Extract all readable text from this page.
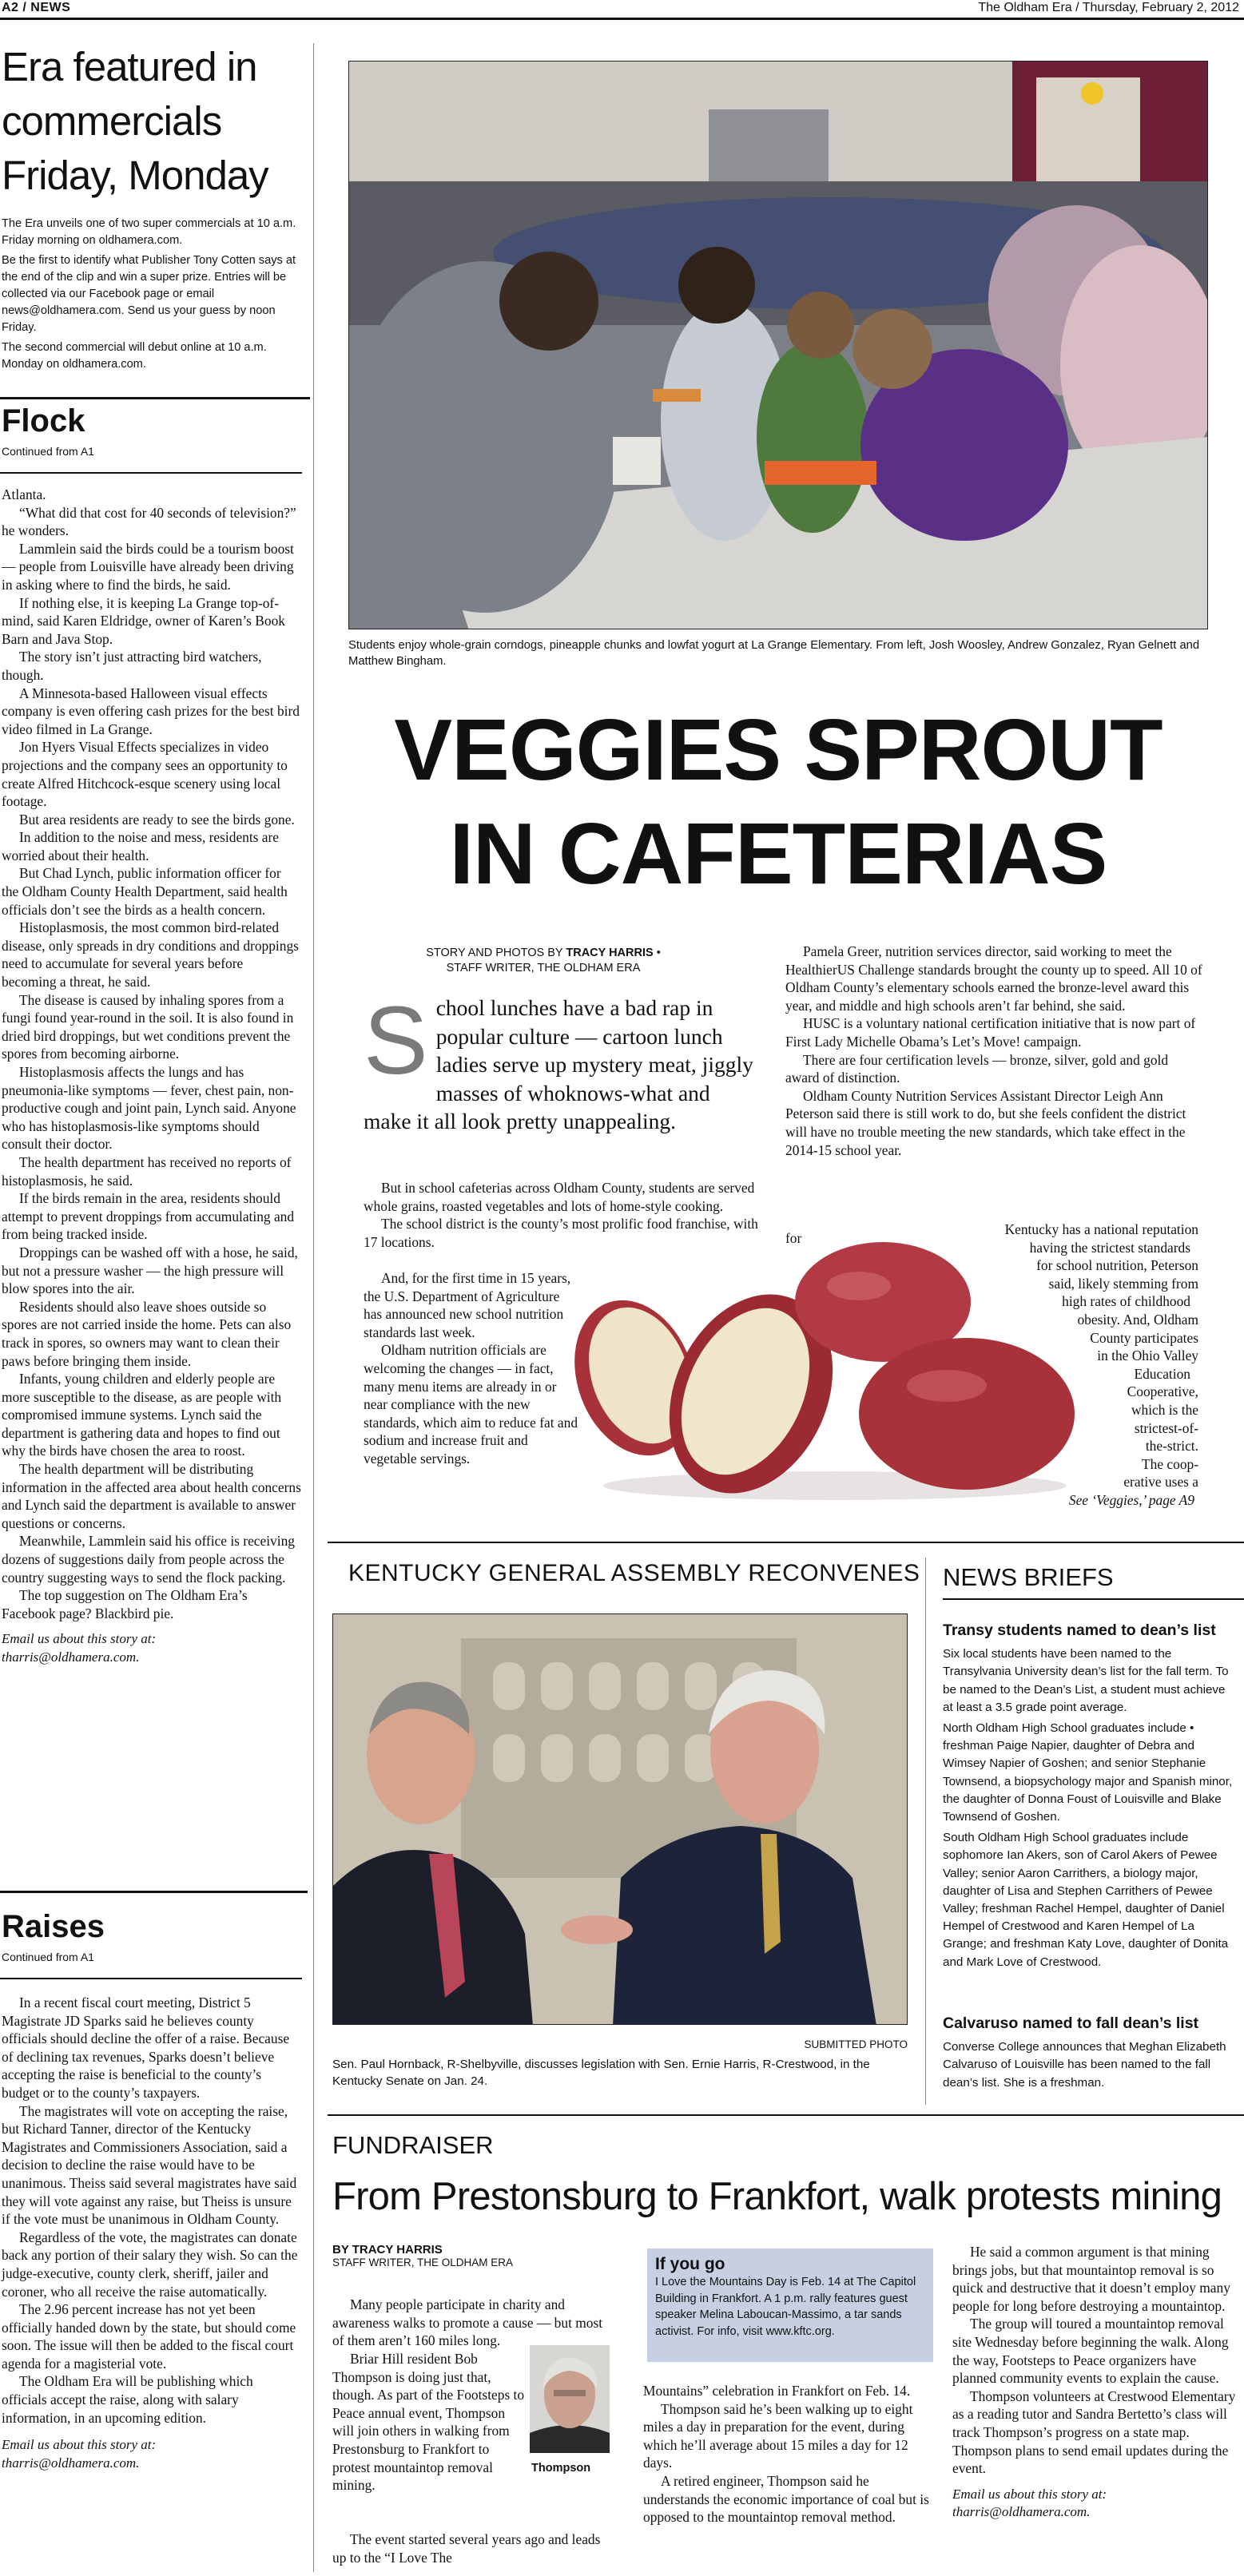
A2 / NEWS	The Oldham Era / Thursday, February 2, 2012
Era featured in commercials Friday, Monday

The Era unveils one of two super commercials at 10 a.m. Friday morning on oldhamera.com.

Be the first to identify what Publisher Tony Cotten says at the end of the clip and win a super prize. Entries will be collected via our Facebook page or email news@oldhamera.com. Send us your guess by noon Friday.

The second commercial will debut online at 10 a.m. Monday on oldhamera.com.

Flock
Continued from A1

Atlanta.

“What did that cost for 40 seconds of television?” he wonders.

Lammlein said the birds could be a tourism boost — people from Louisville have already been driving in asking where to find the birds, he said.

If nothing else, it is keeping La Grange top-of-mind, said Karen Eldridge, owner of Karen’s Book Barn and Java Stop.

The story isn’t just attracting bird watchers, though.

A Minnesota-based Halloween visual effects company is even offering cash prizes for the best bird video filmed in La Grange.

Jon Hyers Visual Effects specializes in video projections and the company sees an opportunity to create Alfred Hitchcock-esque scenery using local footage.

But area residents are ready to see the birds gone.

In addition to the noise and mess, residents are worried about their health.

But Chad Lynch, public information officer for the Oldham County Health Department, said health officials don’t see the birds as a health concern.

Histoplasmosis, the most common bird-related disease, only spreads in dry conditions and droppings need to accumulate for several years before becoming a threat, he said.

The disease is caused by inhaling spores from a fungi found year-round in the soil. It is also found in dried bird droppings, but wet conditions prevent the spores from becoming airborne.

Histoplasmosis affects the lungs and has pneumonia-like symptoms — fever, chest pain, non-productive cough and joint pain, Lynch said. Anyone who has histoplasmosis-like symptoms should consult their doctor.

The health department has received no reports of histoplasmosis, he said.

If the birds remain in the area, residents should attempt to prevent droppings from accumulating and from being tracked inside.

Droppings can be washed off with a hose, he said, but not a pressure washer — the high pressure will blow spores into the air.

Residents should also leave shoes outside so spores are not carried inside the home. Pets can also track in spores, so owners may want to clean their paws before bringing them inside.

Infants, young children and elderly people are more susceptible to the disease, as are people with compromised immune systems. Lynch said the department is gathering data and hopes to find out why the birds have chosen the area to roost.

The health department will be distributing information in the affected area about health concerns and Lynch said the department is available to answer questions or concerns.

Meanwhile, Lammlein said his office is receiving dozens of suggestions daily from people across the country suggesting ways to send the flock packing.

The top suggestion on The Oldham Era’s Facebook page? Blackbird pie.

Email us about this story at:

tharris@oldhamera.com.

Raises
Continued from A1

In a recent fiscal court meeting, District 5 Magistrate JD Sparks said he believes county officials should decline the offer of a raise. Because of declining tax revenues, Sparks doesn’t believe accepting the raise is beneficial to the county’s budget or to the county’s taxpayers.

The magistrates will vote on accepting the raise, but Richard Tanner, director of the Kentucky Magistrates and Commissioners Association, said a decision to decline the raise would have to be unanimous. Theiss said several magistrates have said they will vote against any raise, but Theiss is unsure if the vote must be unanimous in Oldham County.

Regardless of the vote, the magistrates can donate back any portion of their salary they wish. So can the judge-executive, county clerk, sheriff, jailer and coroner, who all receive the raise automatically.

The 2.96 percent increase has not yet been officially handed down by the state, but should come soon. The issue will then be added to the fiscal court agenda for a magisterial vote.

The Oldham Era will be publishing which officials accept the raise, along with salary information, in an upcoming edition.

Email us about this story at:

tharris@oldhamera.com.

Students enjoy whole-grain corndogs, pineapple chunks and lowfat yogurt at La Grange Elementary. From left, Josh Woosley, Andrew Gonzalez, Ryan Gelnett and Matthew Bingham.
VEGGIES SPROUT
IN CAFETERIAS
STORY AND PHOTOS BY TRACY HARRIS •
STAFF WRITER, THE OLDHAM ERA
S chool lunches have a bad rap in popular culture — cartoon lunch ladies serve up mystery meat, jiggly masses of whoknows-what and make it all look pretty unappealing.

But in school cafeterias across Oldham County, students are served whole grains, roasted vegetables and lots of home-style cooking.

The school district is the county’s most prolific food franchise, with 17 locations.

And, for the first time in 15 years, the U.S. Department of Agriculture has announced new school nutrition standards last week.

Oldham nutrition officials are welcoming the changes — in fact, many menu items are already in or near compliance with the new standards, which aim to reduce fat and sodium and increase fruit and vegetable servings.

Pamela Greer, nutrition services director, said working to meet the HealthierUS Challenge standards brought the county up to speed. All 10 of Oldham County’s elementary schools earned the bronze-level award this year, and middle and high schools aren’t far behind, she said.

HUSC is a voluntary national certification initiative that is now part of First Lady Michelle Obama’s Let’s Move! campaign.

There are four certification levels — bronze, silver, gold and gold award of distinction.

Oldham County Nutrition Services Assistant Director Leigh Ann Peterson said there is still work to do, but she feels confident the district will have no trouble meeting the new standards, which take effect in the 2014-15 school year.

for
Kentucky has a national reputation
having the strictest standards
for school nutrition, Peterson
said, likely stemming from
high rates of childhood
obesity. And, Oldham
County participates
in the Ohio Valley
Education
Cooperative,
which is the
strictest-of-
the-strict.
The coop-
erative uses a
See ‘Veggies,’ page A9
KENTUCKY GENERAL ASSEMBLY RECONVENES
SUBMITTED PHOTO
Sen. Paul Hornback, R-Shelbyville, discusses legislation with Sen. Ernie Harris, R-Crestwood, in the Kentucky Senate on Jan. 24.
NEWS BRIEFS
Transy students named to dean’s list

Six local students have been named to the Transylvania University dean’s list for the fall term. To be named to the Dean’s List, a student must achieve at least a 3.5 grade point average.

North Oldham High School graduates include • freshman Paige Napier, daughter of Debra and Wimsey Napier of Goshen; and senior Stephanie Townsend, a biopsychology major and Spanish minor, the daughter of Donna Foust of Louisville and Blake Townsend of Goshen.

South Oldham High School graduates include sophomore Ian Akers, son of Carol Akers of Pewee Valley; senior Aaron Carrithers, a biology major, daughter of Lisa and Stephen Carrithers of Pewee Valley; freshman Rachel Hempel, daughter of Daniel Hempel of Crestwood and Karen Hempel of La Grange; and freshman Katy Love, daughter of Donita and Mark Love of Crestwood.

Calvaruso named to fall dean’s list

Converse College announces that Meghan Elizabeth Calvaruso of Louisville has been named to the fall dean’s list. She is a freshman.

FUNDRAISER
From Prestonsburg to Frankfort, walk protests mining
BY TRACY HARRIS
STAFF WRITER, THE OLDHAM ERA

Many people participate in charity and awareness walks to promote a cause — but most of them aren’t 160 miles long.

Briar Hill resident Bob Thompson is doing just that, though. As part of the Footsteps to Peace annual event, Thompson will join others in walking from Prestonsburg to Frankfort to protest mountaintop removal mining.

The event started several years ago and leads up to the “I Love The

Thompson
If you go
I Love the Mountains Day is Feb. 14 at The Capitol Building in Frankfort. A 1 p.m. rally features guest speaker Melina Laboucan-Massimo, a tar sands activist. For info, visit www.kftc.org.

Mountains” celebration in Frankfort on Feb. 14.

Thompson said he’s been walking up to eight miles a day in preparation for the event, during which he’ll average about 15 miles a day for 12 days.

A retired engineer, Thompson said he understands the economic importance of coal but is opposed to the mountaintop removal method.

He said a common argument is that mining brings jobs, but that mountaintop removal is so quick and destructive that it doesn’t employ many people for long before destroying a mountaintop.

The group will toured a mountaintop removal site Wednesday before beginning the walk. Along the way, Footsteps to Peace organizers have planned community events to explain the cause.

Thompson volunteers at Crestwood Elementary as a reading tutor and Sandra Bertetto’s class will track Thompson’s progress on a state map. Thompson plans to send email updates during the event.

Email us about this story at:

tharris@oldhamera.com.
